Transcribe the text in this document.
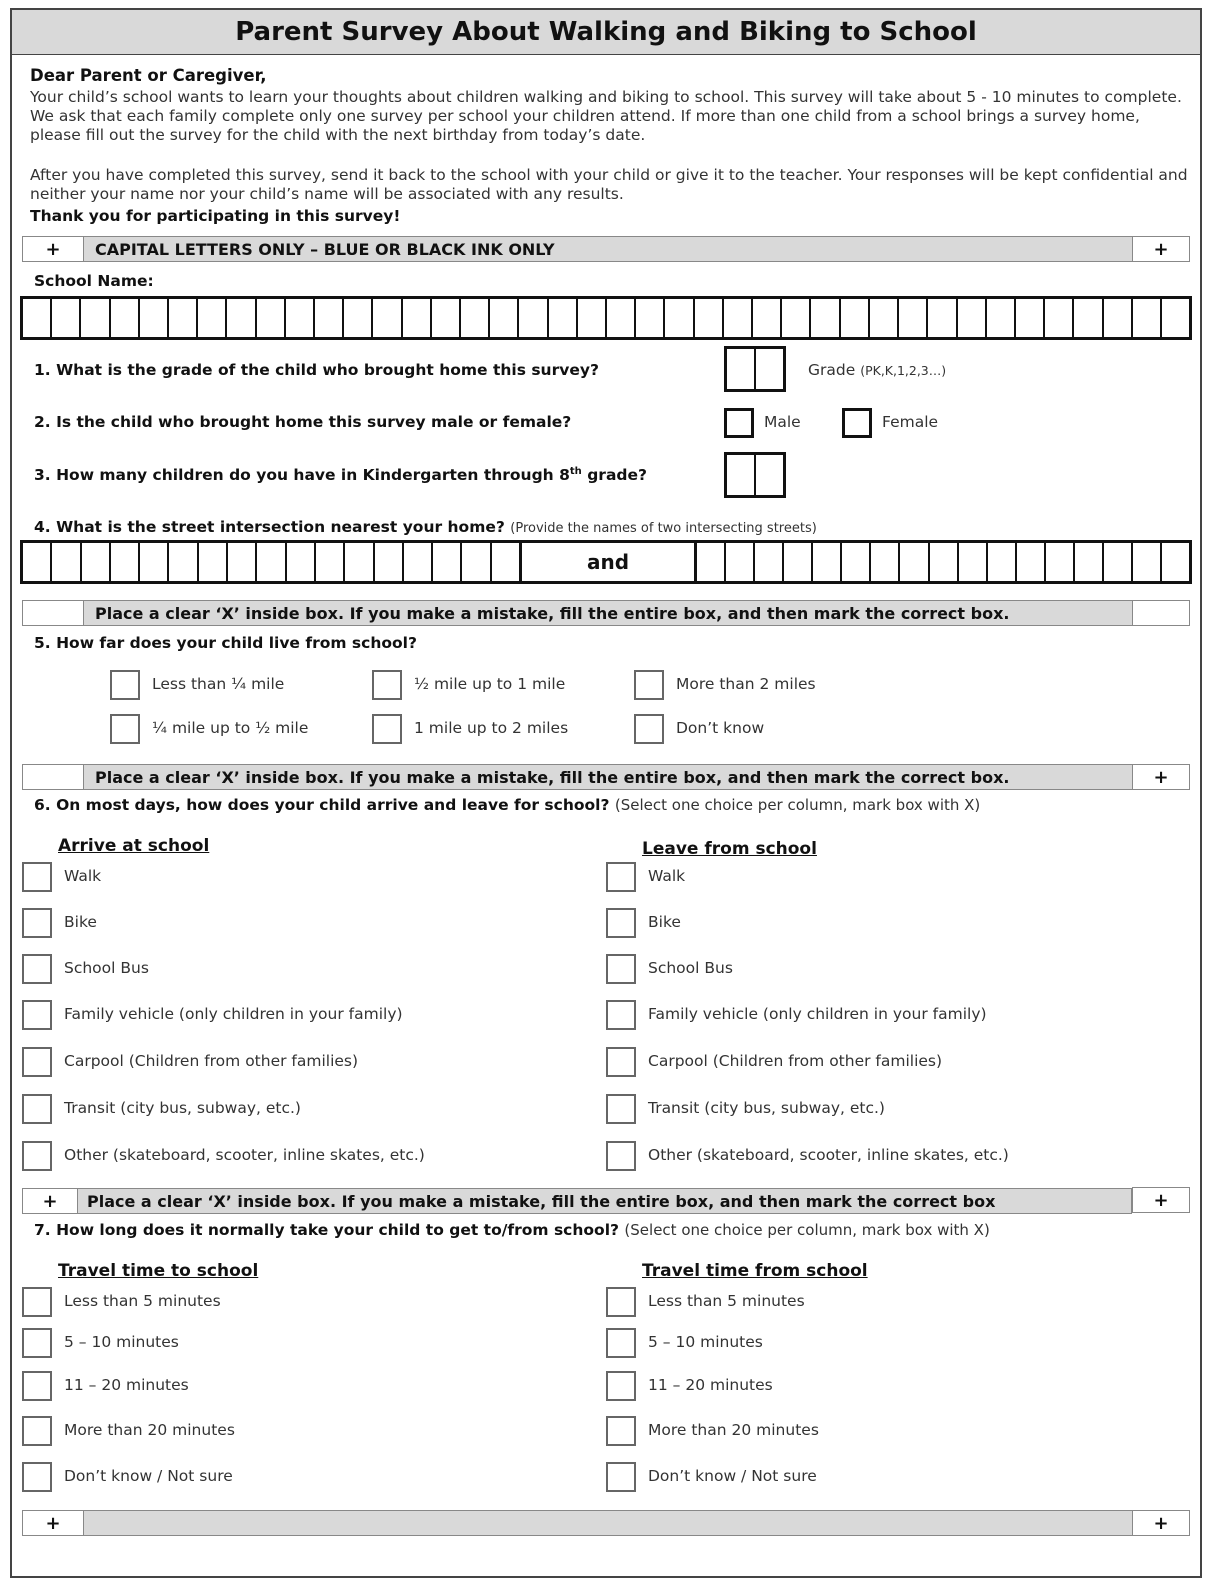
Parent Survey About Walking and Biking to School
Dear Parent or Caregiver,
Your child’s school wants to learn your thoughts about children walking and biking to school. This survey will take about 5 - 10 minutes to complete. We ask that each family complete only one survey per school your children attend. If more than one child from a school brings a survey home, please fill out the survey for the child with the next birthday from today’s date.
After you have completed this survey, send it back to the school with your child or give it to the teacher. Your responses will be kept confidential and neither your name nor your child’s name will be associated with any results.
Thank you for participating in this survey!
+	CAPITAL LETTERS ONLY – BLUE OR BLACK INK ONLY	+
School Name:
1. What is the grade of the child who brought home this survey?	Grade (PK,K,1,2,3…)
2. Is the child who brought home this survey male or female?	Male	Female
3. How many children do you have in Kindergarten through 8th grade?
4. What is the street intersection nearest your home? (Provide the names of two intersecting streets)
and
Place a clear ‘X’ inside box. If you make a mistake, fill the entire box, and then mark the correct box.
5. How far does your child live from school?
Less than ¼ mile	½ mile up to 1 mile	More than 2 miles
¼ mile up to ½ mile	1 mile up to 2 miles	Don’t know
Place a clear ‘X’ inside box. If you make a mistake, fill the entire box, and then mark the correct box.	+
6. On most days, how does your child arrive and leave for school? (Select one choice per column, mark box with X)
Arrive at school	Leave from school
Walk	Walk
Bike	Bike
School Bus	School Bus
Family vehicle (only children in your family)	Family vehicle (only children in your family)
Carpool (Children from other families)	Carpool (Children from other families)
Transit (city bus, subway, etc.)	Transit (city bus, subway, etc.)
Other (skateboard, scooter, inline skates, etc.)	Other (skateboard, scooter, inline skates, etc.)
+	Place a clear ‘X’ inside box. If you make a mistake, fill the entire box, and then mark the correct box	+
7. How long does it normally take your child to get to/from school? (Select one choice per column, mark box with X)
Travel time to school	Travel time from school
Less than 5 minutes	Less than 5 minutes
5 – 10 minutes	5 – 10 minutes
11 – 20 minutes	11 – 20 minutes
More than 20 minutes	More than 20 minutes
Don’t know / Not sure	Don’t know / Not sure
+	+
